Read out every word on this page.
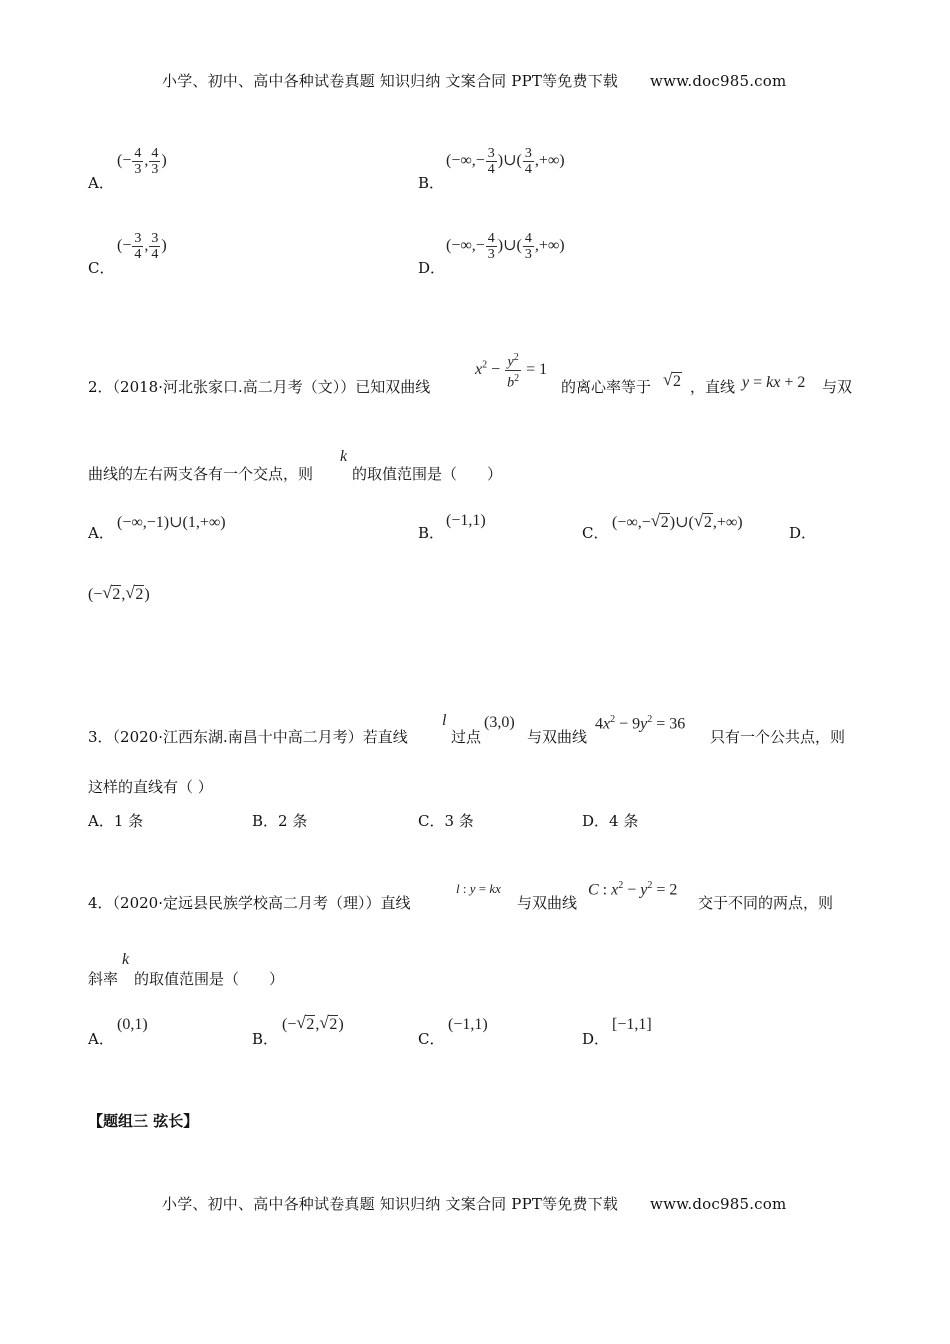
小学、初中、高中各种试卷真题 知识归纳 文案合同 PPT等免费下载 www.doc985.com
A．
(− $\frac{4}{3}$ , $\frac{4}{3}$ )
B．
(−∞,− $\frac{3}{4}$ )∪( $\frac{3}{4}$ ,+∞)
C．
(− $\frac{3}{4}$ , $\frac{3}{4}$ )
D．
(−∞,− $\frac{4}{3}$ )∪( $\frac{4}{3}$ ,+∞)
2．（2018·河北张家口.高二月考（文））已知双曲线
$x^2 - \frac{y^2}{b^2} = 1$
的离心率等于 √ 2 ，直线 y = kx + 2 与双
曲线的左右两支各有一个交点，则
k
的取值范围是（　　）
A．
(−∞,−1)∪(1,+∞)
B．
(−1,1)
C．
(−∞,− √ 2)∪( √ 2,+∞)
D．
(− √ 2, √ 2)
3．（2020·江西东湖.南昌十中高二月考）若直线
l
过点
(3,0)
与双曲线
$4x^2 - 9y^2 = 36$
只有一个公共点，则
这样的直线有（ ）
A．1 条	B．2 条	C．3 条	D．4 条
4．（2020·定远县民族学校高二月考（理））直线
l : y = kx
与双曲线
C : $x^2 - y^2 = 2$
交于不同的两点，则
斜率
k
的取值范围是（　　）
A．
(0,1)
B．
(− √ 2, √ 2)
C．
(−1,1)
D．
[−1,1]
【题组三 弦长】
小学、初中、高中各种试卷真题 知识归纳 文案合同 PPT等免费下载 www.doc985.com
